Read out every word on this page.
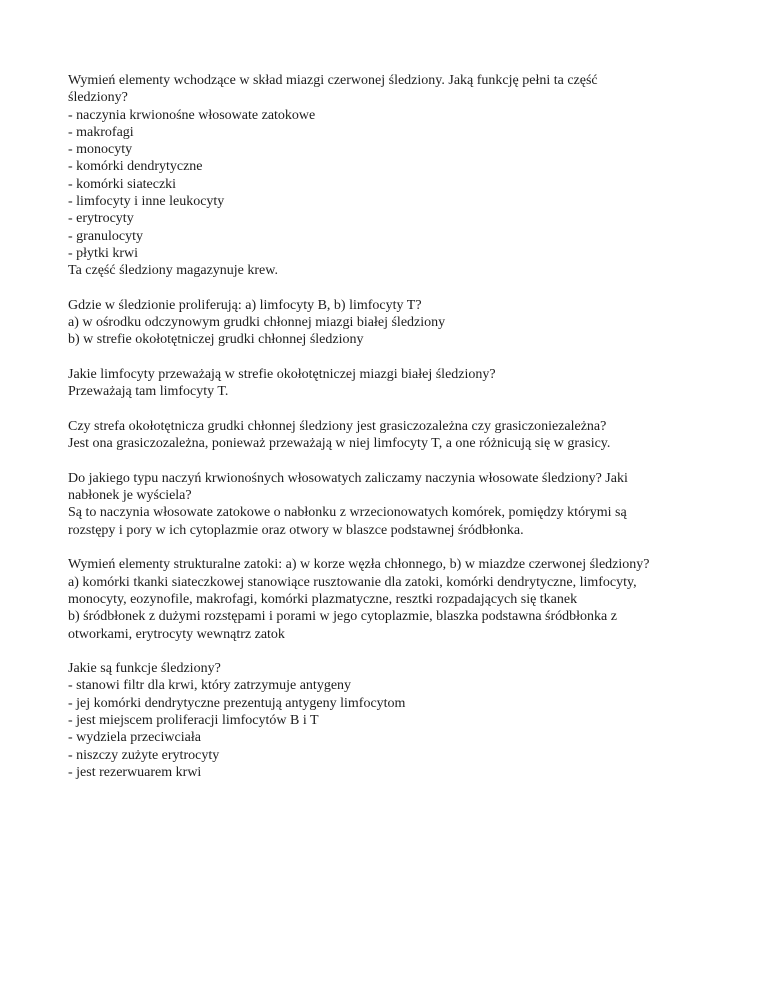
Wymień elementy wchodzące w skład miazgi czerwonej śledziony. Jaką funkcję pełni ta część
śledziony?
- naczynia krwionośne włosowate zatokowe
- makrofagi
- monocyty
- komórki dendrytyczne
- komórki siateczki
- limfocyty i inne leukocyty
- erytrocyty
- granulocyty
- płytki krwi
Ta część śledziony magazynuje krew.
Gdzie w śledzionie proliferują: a) limfocyty B, b) limfocyty T?
a) w ośrodku odczynowym grudki chłonnej miazgi białej śledziony
b) w strefie okołotętniczej grudki chłonnej śledziony
Jakie limfocyty przeważają w strefie okołotętniczej miazgi białej śledziony?
Przeważają tam limfocyty T.
Czy strefa okołotętnicza grudki chłonnej śledziony jest grasiczozależna czy grasiczoniezależna?
Jest ona grasiczozależna, ponieważ przeważają w niej limfocyty T, a one różnicują się w grasicy.
Do jakiego typu naczyń krwionośnych włosowatych zaliczamy naczynia włosowate śledziony? Jaki
nabłonek je wyściela?
Są to naczynia włosowate zatokowe o nabłonku z wrzecionowatych komórek, pomiędzy którymi są
rozstępy i pory w ich cytoplazmie oraz otwory w blaszce podstawnej śródbłonka.
Wymień elementy strukturalne zatoki: a) w korze węzła chłonnego, b) w miazdze czerwonej śledziony?
a) komórki tkanki siateczkowej stanowiące rusztowanie dla zatoki, komórki dendrytyczne, limfocyty,
monocyty, eozynofile, makrofagi, komórki plazmatyczne, resztki rozpadających się tkanek
b) śródbłonek z dużymi rozstępami i porami w jego cytoplazmie, blaszka podstawna śródbłonka z
otworkami, erytrocyty wewnątrz zatok
Jakie są funkcje śledziony?
- stanowi filtr dla krwi, który zatrzymuje antygeny
- jej komórki dendrytyczne prezentują antygeny limfocytom
- jest miejscem proliferacji limfocytów B i T
- wydziela przeciwciała
- niszczy zużyte erytrocyty
- jest rezerwuarem krwi
